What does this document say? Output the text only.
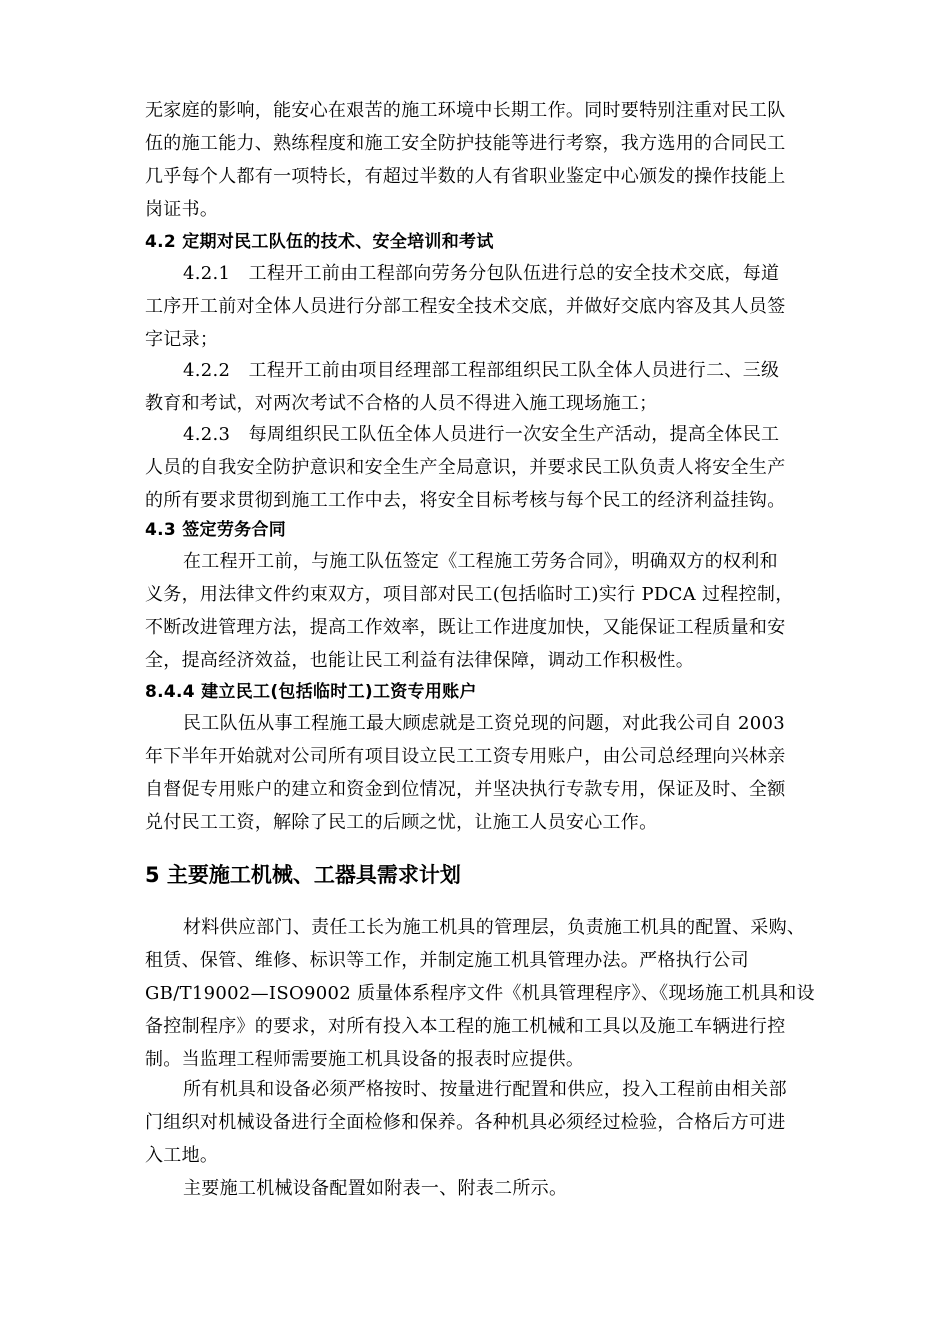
无家庭的影响，能安心在艰苦的施工环境中长期工作。同时要特别注重对民工队
伍的施工能力、熟练程度和施工安全防护技能等进行考察，我方选用的合同民工
几乎每个人都有一项特长，有超过半数的人有省职业鉴定中心颁发的操作技能上
岗证书。

4.2 定期对民工队伍的技术、安全培训和考试

4.2.1　工程开工前由工程部向劳务分包队伍进行总的安全技术交底，每道
工序开工前对全体人员进行分部工程安全技术交底，并做好交底内容及其人员签
字记录；

4.2.2　工程开工前由项目经理部工程部组织民工队全体人员进行二、三级
教育和考试，对两次考试不合格的人员不得进入施工现场施工；

4.2.3　每周组织民工队伍全体人员进行一次安全生产活动，提高全体民工
人员的自我安全防护意识和安全生产全局意识，并要求民工队负责人将安全生产
的所有要求贯彻到施工工作中去，将安全目标考核与每个民工的经济利益挂钩。

4.3 签定劳务合同

在工程开工前，与施工队伍签定《工程施工劳务合同》，明确双方的权利和
义务，用法律文件约束双方，项目部对民工(包括临时工)实行 PDCA 过程控制，
不断改进管理方法，提高工作效率，既让工作进度加快，又能保证工程质量和安
全，提高经济效益，也能让民工利益有法律保障，调动工作积极性。

8.4.4 建立民工(包括临时工)工资专用账户

民工队伍从事工程施工最大顾虑就是工资兑现的问题，对此我公司自 2003
年下半年开始就对公司所有项目设立民工工资专用账户，由公司总经理向兴林亲
自督促专用账户的建立和资金到位情况，并坚决执行专款专用，保证及时、全额
兑付民工工资，解除了民工的后顾之忧，让施工人员安心工作。

5 主要施工机械、工器具需求计划

材料供应部门、责任工长为施工机具的管理层，负责施工机具的配置、采购、
租赁、保管、维修、标识等工作，并制定施工机具管理办法。严格执行公司
GB/T19002—ISO9002 质量体系程序文件《机具管理程序》、《现场施工机具和设
备控制程序》的要求，对所有投入本工程的施工机械和工具以及施工车辆进行控
制。当监理工程师需要施工机具设备的报表时应提供。

所有机具和设备必须严格按时、按量进行配置和供应，投入工程前由相关部
门组织对机械设备进行全面检修和保养。各种机具必须经过检验，合格后方可进
入工地。

主要施工机械设备配置如附表一、附表二所示。
